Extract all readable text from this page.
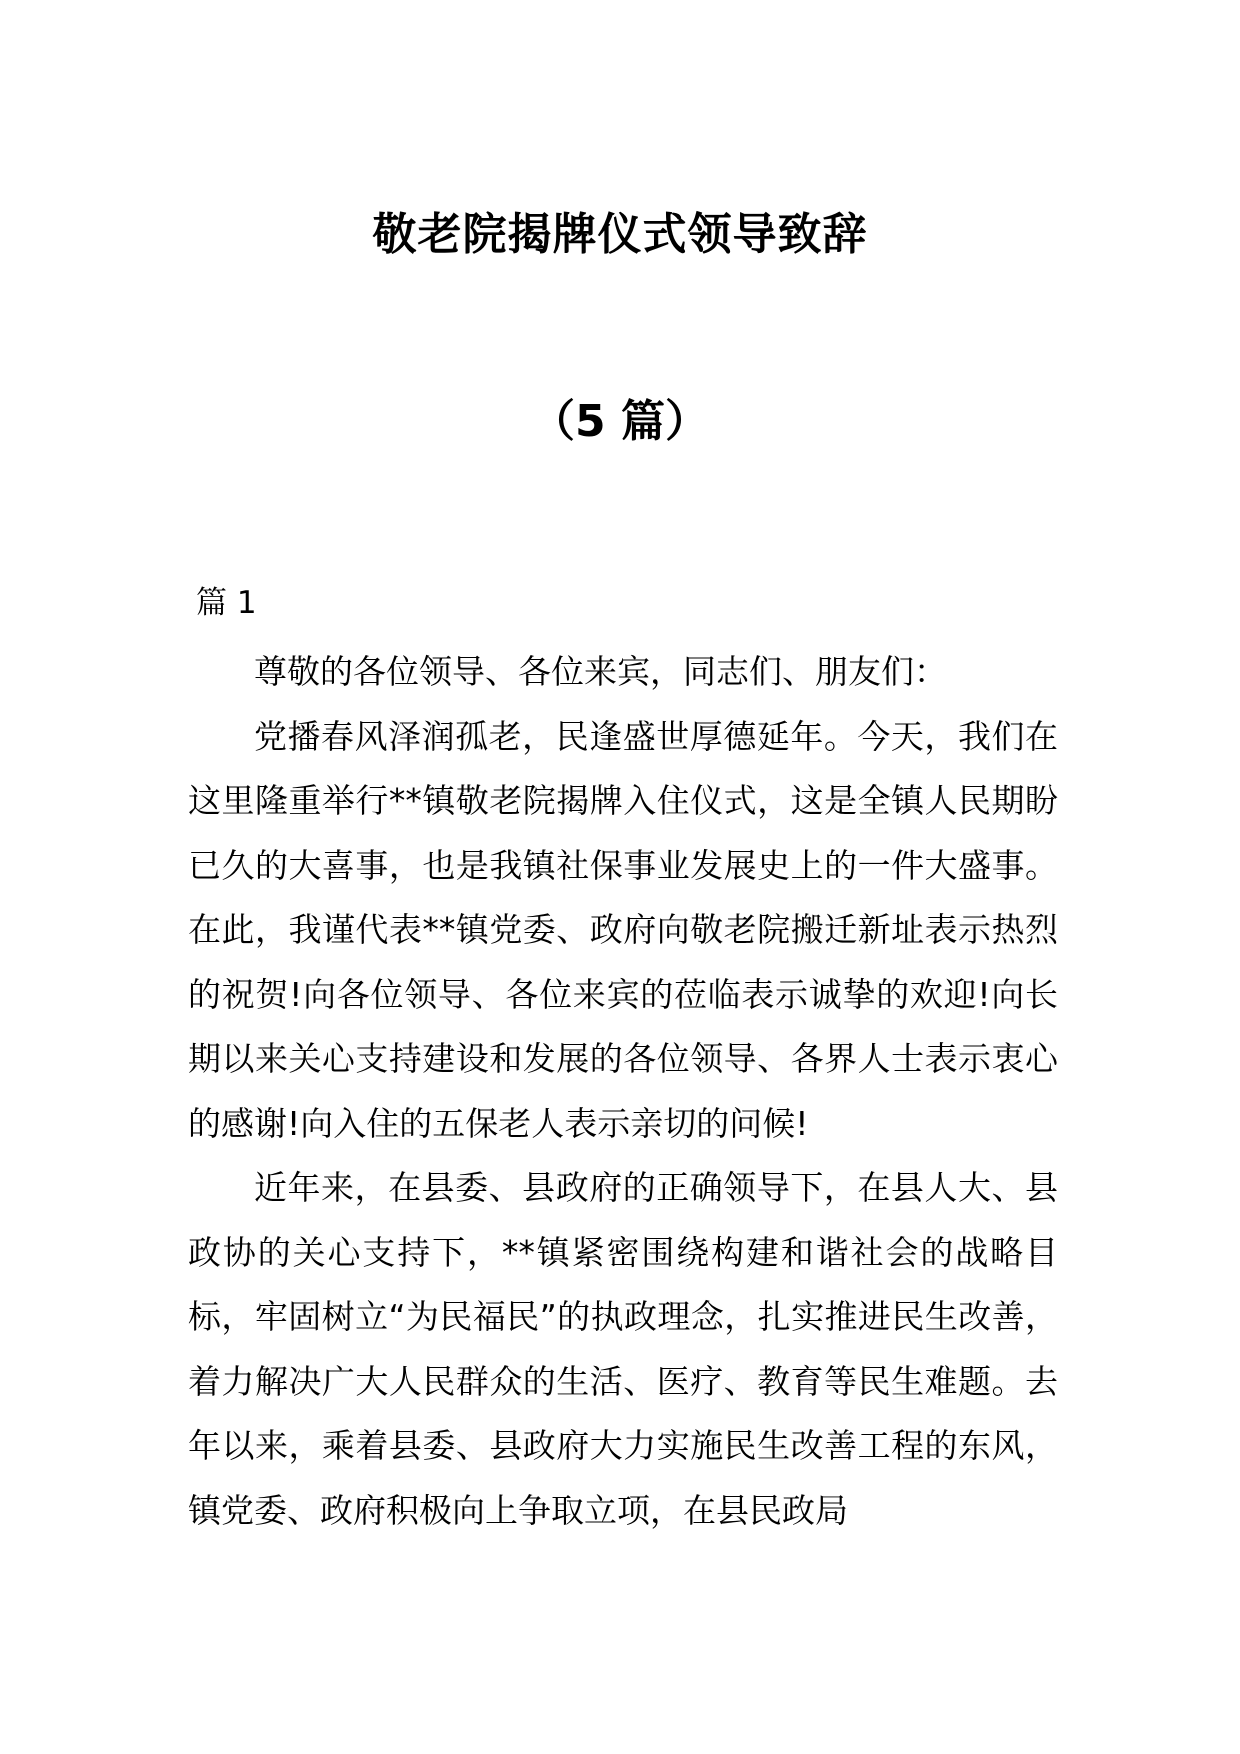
敬老院揭牌仪式领导致辞
（5 篇）
篇 1

尊敬的各位领导、各位来宾，同志们、朋友们：

党播春风泽润孤老，民逢盛世厚德延年。今天，我们在这里隆重举行**镇敬老院揭牌入住仪式，这是全镇人民期盼已久的大喜事，也是我镇社保事业发展史上的一件大盛事。在此，我谨代表**镇党委、政府向敬老院搬迁新址表示热烈的祝贺!向各位领导、各位来宾的莅临表示诚挚的欢迎!向长期以来关心支持建设和发展的各位领导、各界人士表示衷心的感谢!向入住的五保老人表示亲切的问候!

近年来，在县委、县政府的正确领导下，在县人大、县政协的关心支持下，**镇紧密围绕构建和谐社会的战略目标，牢固树立“为民福民”的执政理念，扎实推进民生改善，着力解决广大人民群众的生活、医疗、教育等民生难题。去年以来，乘着县委、县政府大力实施民生改善工程的东风，镇党委、政府积极向上争取立项，在县民政局
